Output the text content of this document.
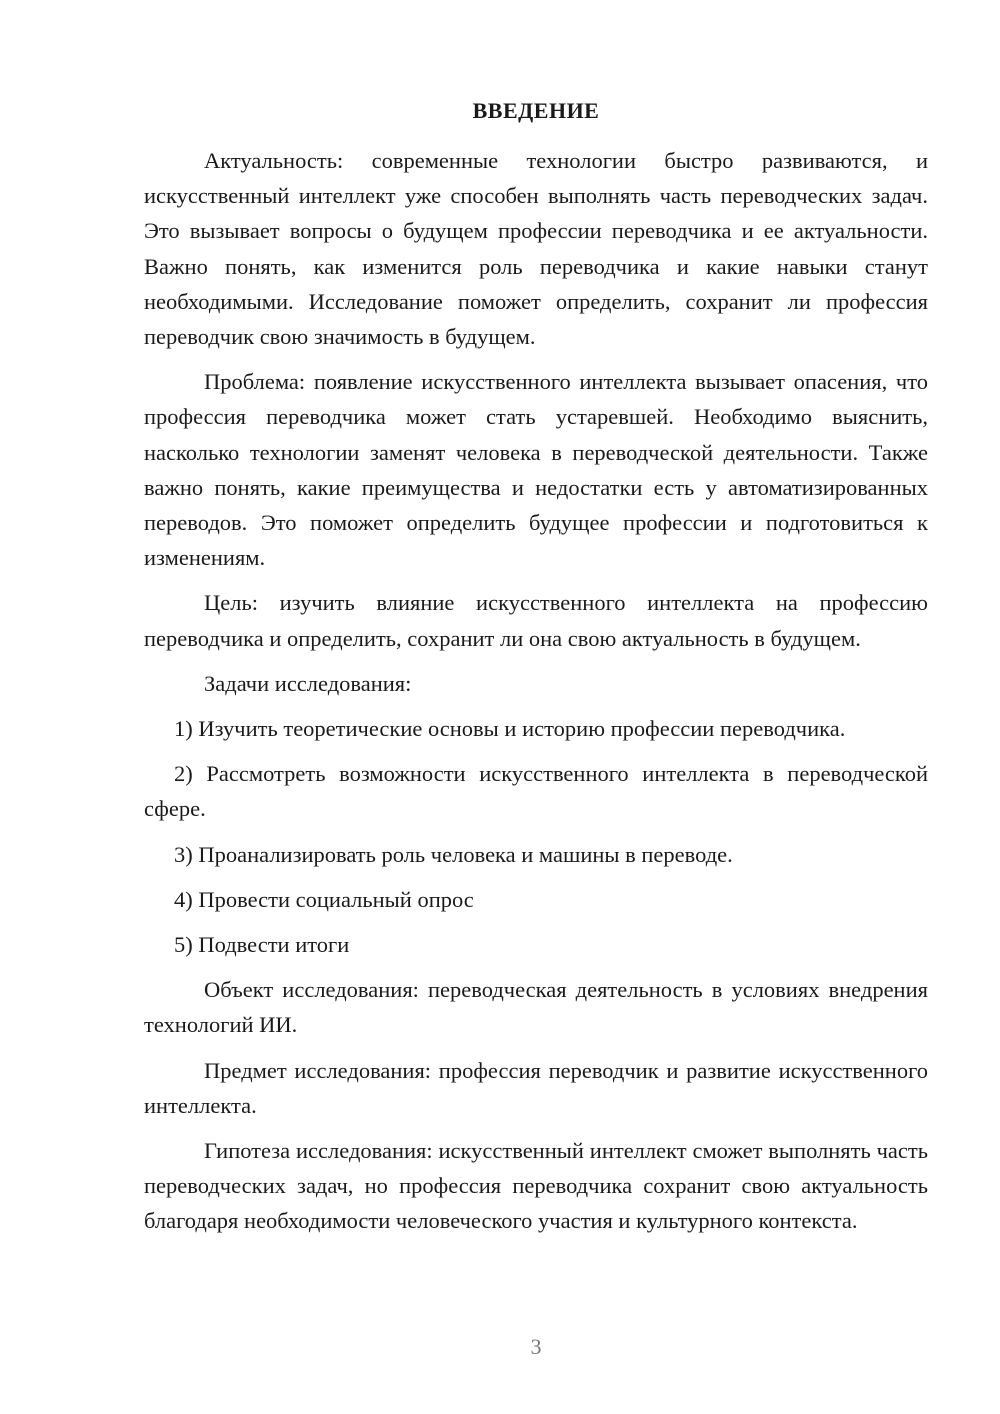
ВВЕДЕНИЕ

Актуальность: современные технологии быстро развиваются, и искусственный интеллект уже способен выполнять часть переводческих задач. Это вызывает вопросы о будущем профессии переводчика и ее актуальности. Важно понять, как изменится роль переводчика и какие навыки станут необходимыми. Исследование поможет определить, сохранит ли профессия переводчик свою значимость в будущем.

Проблема: появление искусственного интеллекта вызывает опасения, что профессия переводчика может стать устаревшей. Необходимо выяснить, насколько технологии заменят человека в переводческой деятельности. Также важно понять, какие преимущества и недостатки есть у автоматизированных переводов. Это поможет определить будущее профессии и подготовиться к изменениям.

Цель: изучить влияние искусственного интеллекта на профессию переводчика и определить, сохранит ли она свою актуальность в будущем.

Задачи исследования:

1) Изучить теоретические основы и историю профессии переводчика.

2) Рассмотреть возможности искусственного интеллекта в переводческой сфере.

3) Проанализировать роль человека и машины в переводе.

4) Провести социальный опрос

5) Подвести итоги

Объект исследования: переводческая деятельность в условиях внедрения технологий ИИ.

Предмет исследования: профессия переводчик и развитие искусственного интеллекта.

Гипотеза исследования: искусственный интеллект сможет выполнять часть переводческих задач, но профессия переводчика сохранит свою актуальность благодаря необходимости человеческого участия и культурного контекста.

3
